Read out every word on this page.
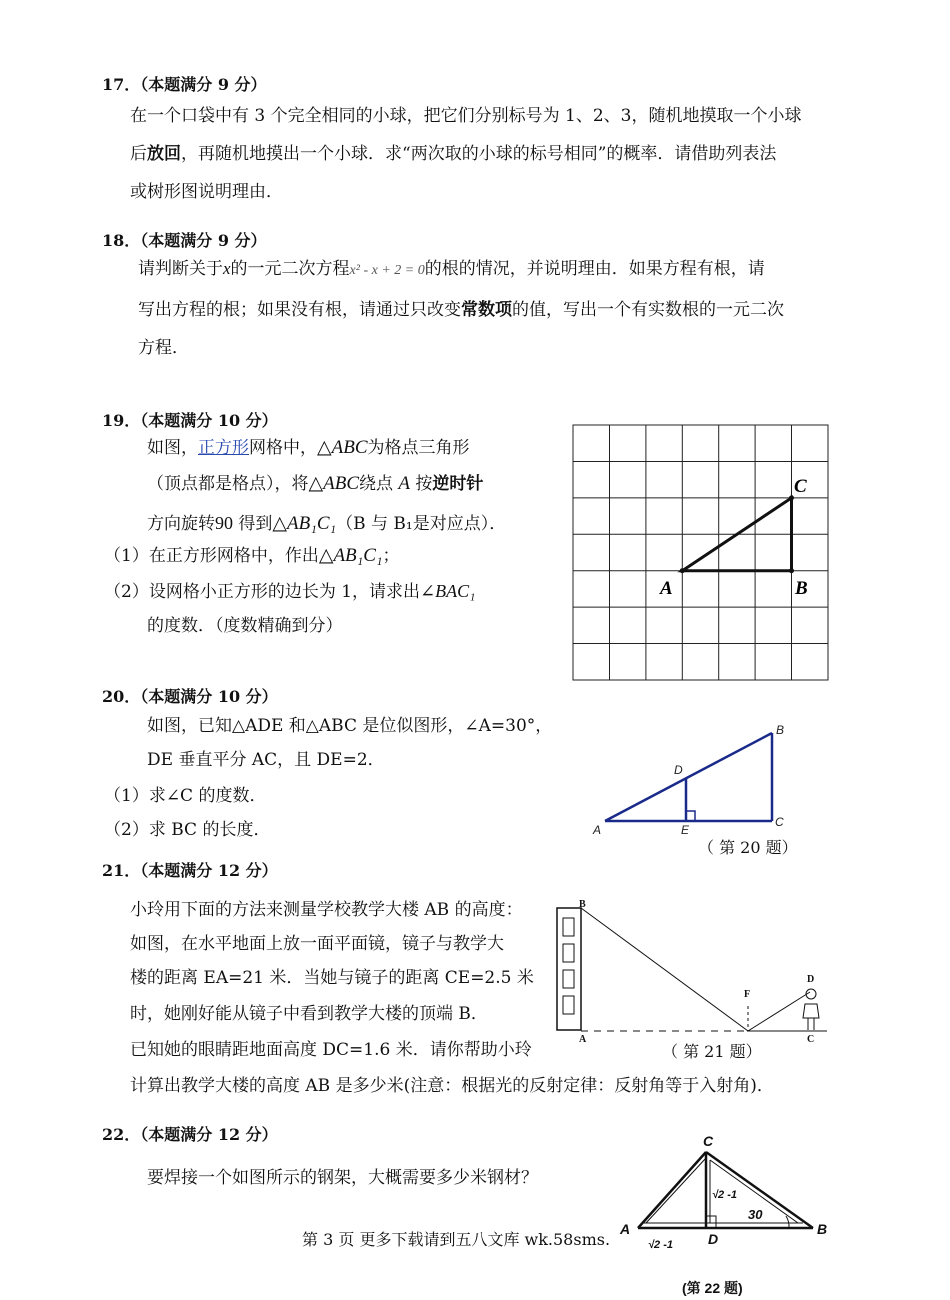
17．（本题满分 9 分）
在一个口袋中有 3 个完全相同的小球，把它们分别标号为 1、2、3，随机地摸取一个小球
后放回，再随机地摸出一个小球．求“两次取的小球的标号相同”的概率．请借助列表法
或树形图说明理由．
18．（本题满分 9 分）
请判断关于x的一元二次方程x² - x + 2 = 0的根的情况，并说明理由．如果方程有根，请
写出方程的根；如果没有根，请通过只改变常数项的值，写出一个有实数根的一元二次
方程．
19．（本题满分 10 分）
如图，正方形网格中，△ABC为格点三角形
（顶点都是格点），将△ABC绕点 A 按逆时针
方向旋转90 得到△AB₁C₁（B 与 B₁是对应点）．
（1）在正方形网格中，作出△AB₁C₁；
（2）设网格小正方形的边长为 1，请求出∠BAC₁
的度数．（度数精确到分）
A	B
C
20．（本题满分 10 分）
如图，已知△ADE 和△ABC 是位似图形，∠A=30°，
DE 垂直平分 AC，且 DE=2．
（1）求∠C 的度数．
（2）求 BC 的长度．	A
B
C
D
E
（ 第 20 题）
21．（本题满分 12 分）
小玲用下面的方法来测量学校教学大楼 AB 的高度：
如图，在水平地面上放一面平面镜，镜子与教学大
楼的距离 EA=21 米．当她与镜子的距离 CE=2.5 米
时，她刚好能从镜子中看到教学大楼的顶端 B．
已知她的眼睛距地面高度 DC=1.6 米．请你帮助小玲
计算出教学大楼的高度 AB 是多少米(注意：根据光的反射定律：反射角等于入射角)．
B
A
F
D
C
（ 第 21 题）
22．（本题满分 12 分）
要焊接一个如图所示的钢架，大概需要多少米钢材？
C
A	B
D
√2 -1
√2 -1
30
(第 22 题)
第 3 页 更多下载请到五八文库 wk.58sms.
